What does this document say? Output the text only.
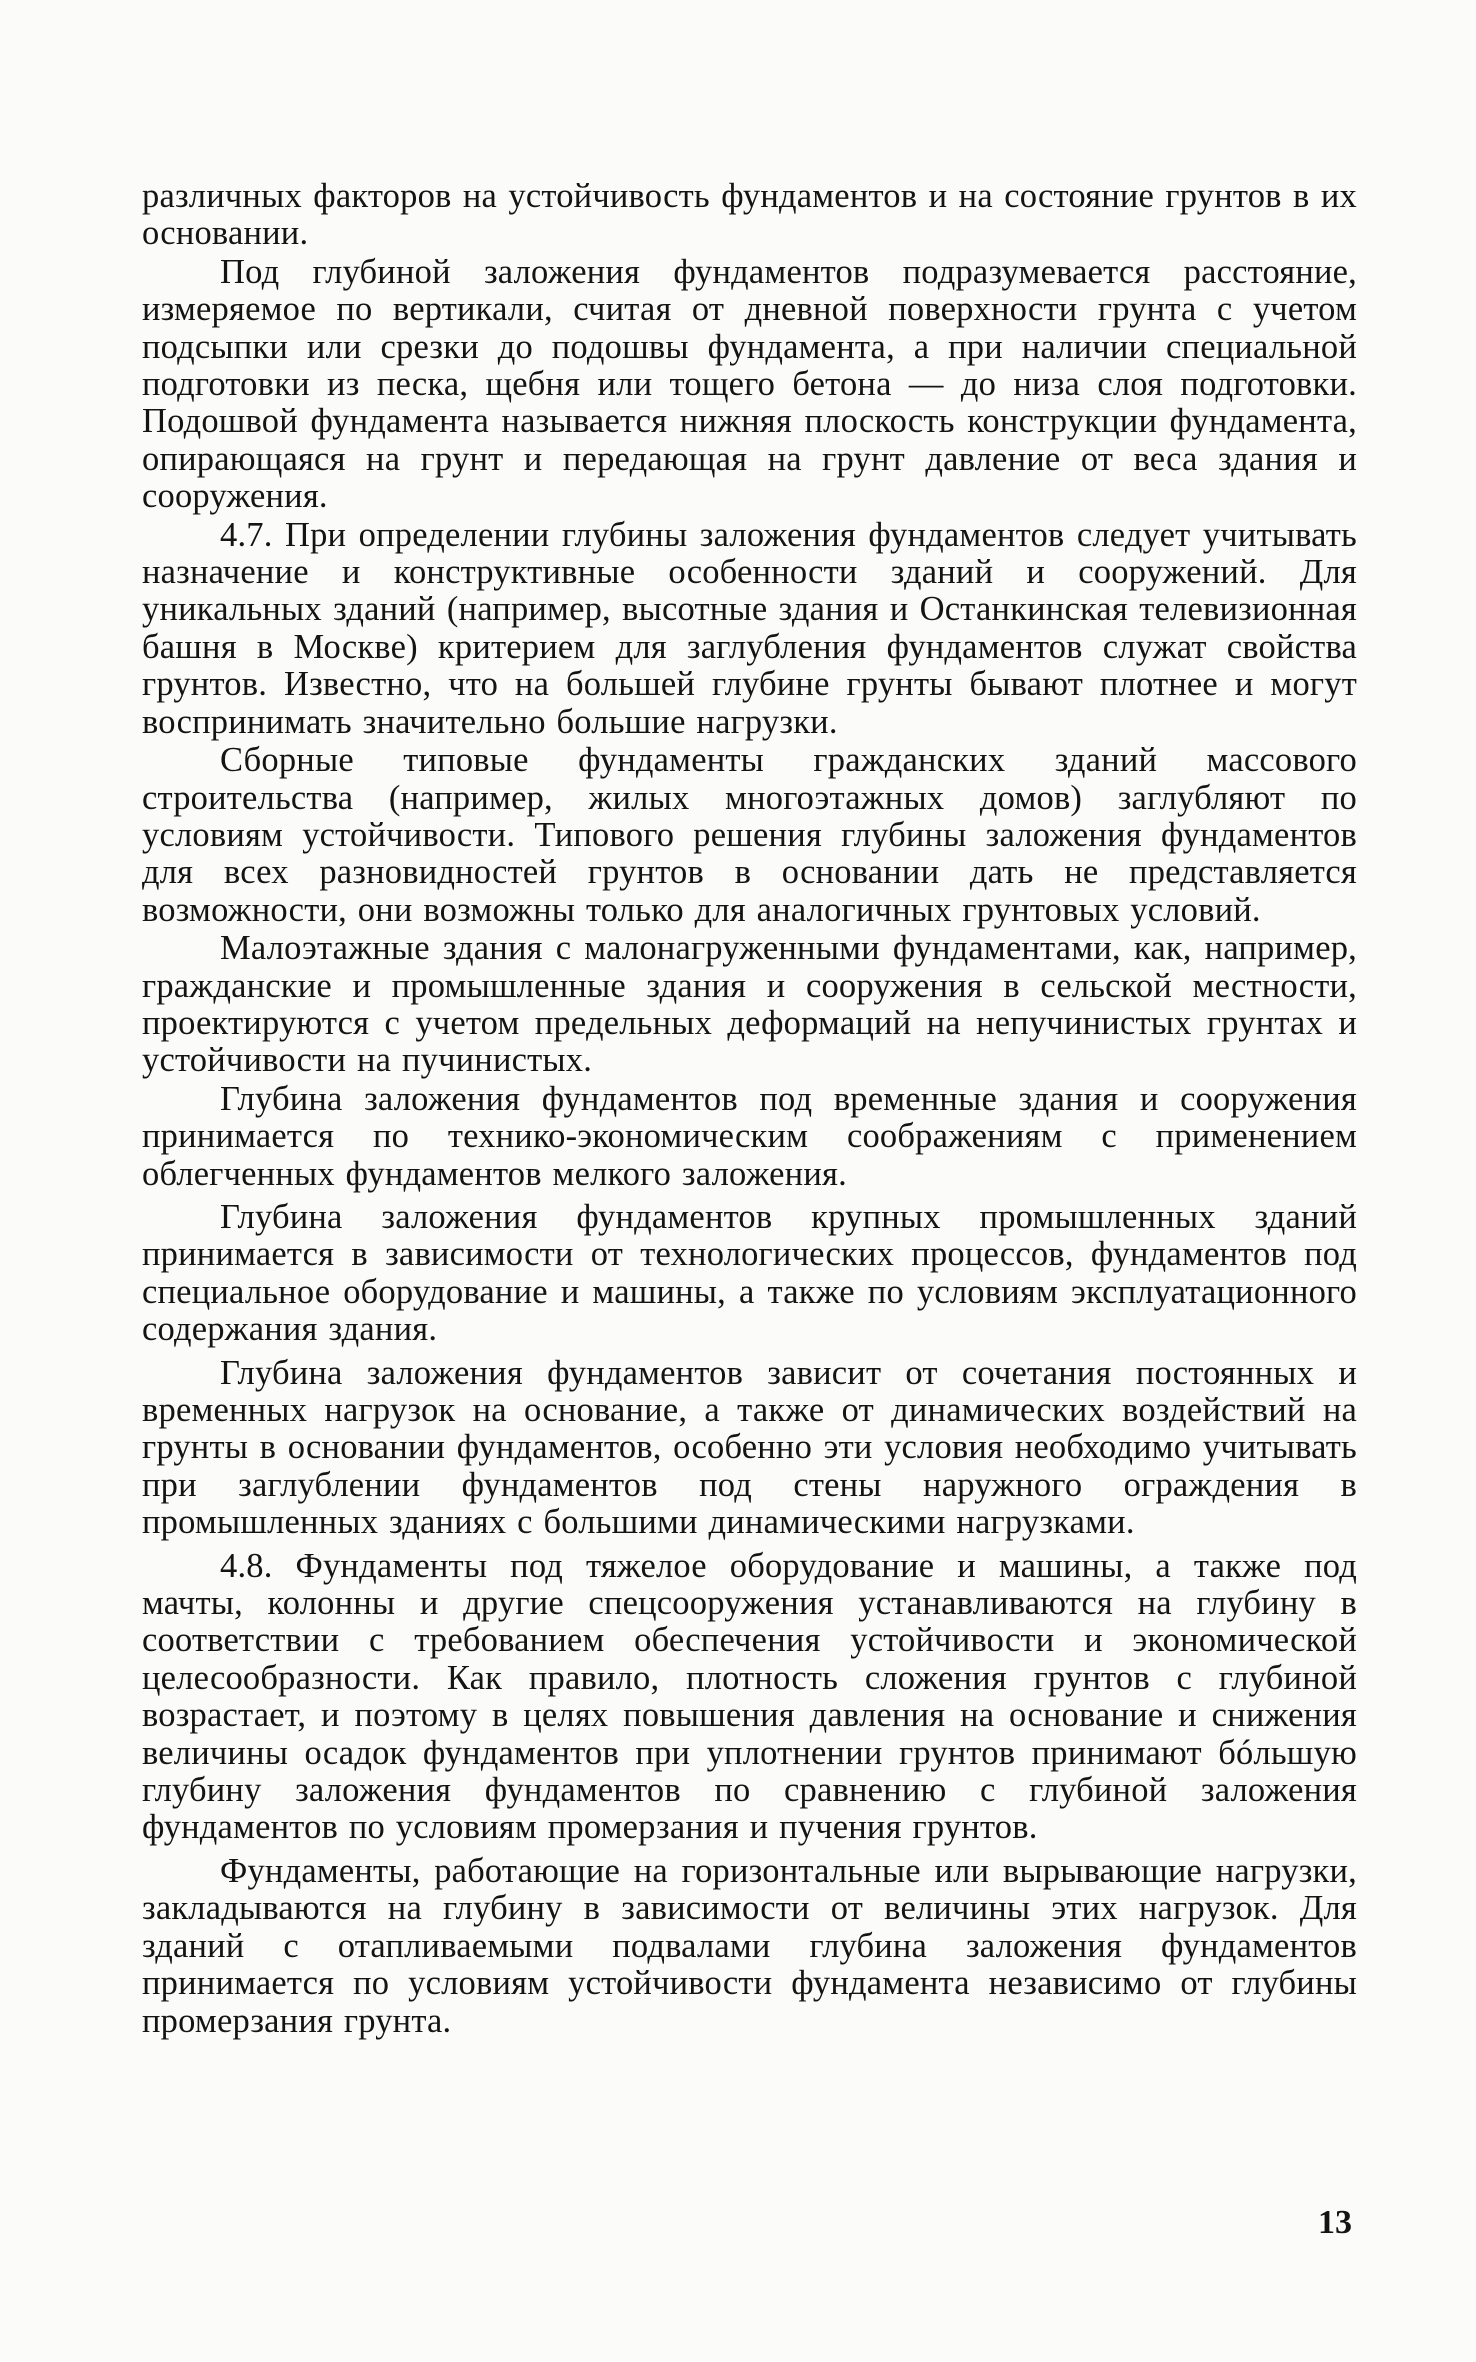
различных факторов на устойчивость фундаментов и на состояние грунтов в их основании.

Под глубиной заложения фундаментов подразумевается расстояние, измеряемое по вертикали, считая от дневной поверхности грунта с учетом подсыпки или срезки до подошвы фундамента, а при наличии специальной подготовки из песка, щебня или тощего бетона — до низа слоя подготовки. Подошвой фундамента называется нижняя плоскость конструкции фундамента, опирающаяся на грунт и передающая на грунт давление от веса здания и сооружения.

4.7. При определении глубины заложения фундаментов следует учитывать назначение и конструктивные особенности зданий и сооружений. Для уникальных зданий (например, высотные здания и Останкинская телевизионная башня в Москве) критерием для заглубления фундаментов служат свойства грунтов. Известно, что на большей глубине грунты бывают плотнее и могут воспринимать значительно большие нагрузки.

Сборные типовые фундаменты гражданских зданий массового строительства (например, жилых многоэтажных домов) заглубляют по условиям устойчивости. Типового решения глубины заложения фундаментов для всех разновидностей грунтов в основании дать не представляется возможности, они возможны только для аналогичных грунтовых условий.

Малоэтажные здания с малонагруженными фундаментами, как, например, гражданские и промышленные здания и сооружения в сельской местности, проектируются с учетом предельных деформаций на непучинистых грунтах и устойчивости на пучинистых.

Глубина заложения фундаментов под временные здания и сооружения принимается по технико-экономическим соображениям с применением облегченных фундаментов мелкого заложения.

Глубина заложения фундаментов крупных промышленных зданий принимается в зависимости от технологических процессов, фундаментов под специальное оборудование и машины, а также по условиям эксплуатационного содержания здания.

Глубина заложения фундаментов зависит от сочетания постоянных и временных нагрузок на основание, а также от динамических воздействий на грунты в основании фундаментов, особенно эти условия необходимо учитывать при заглублении фундаментов под стены наружного ограждения в промышленных зданиях с большими динамическими нагрузками.

4.8. Фундаменты под тяжелое оборудование и машины, а также под мачты, колонны и другие спецсооружения устанавливаются на глубину в соответствии с требованием обеспечения устойчивости и экономической целесообразности. Как правило, плотность сложения грунтов с глубиной возрастает, и поэтому в целях повышения давления на основание и снижения величины осадок фундаментов при уплотнении грунтов принимают бóльшую глубину заложения фундаментов по сравнению с глубиной заложения фундаментов по условиям промерзания и пучения грунтов.

Фундаменты, работающие на горизонтальные или вырывающие нагрузки, закладываются на глубину в зависимости от величины этих нагрузок. Для зданий с отапливаемыми подвалами глубина заложения фундаментов принимается по условиям устойчивости фундамента независимо от глубины промерзания грунта.

13
